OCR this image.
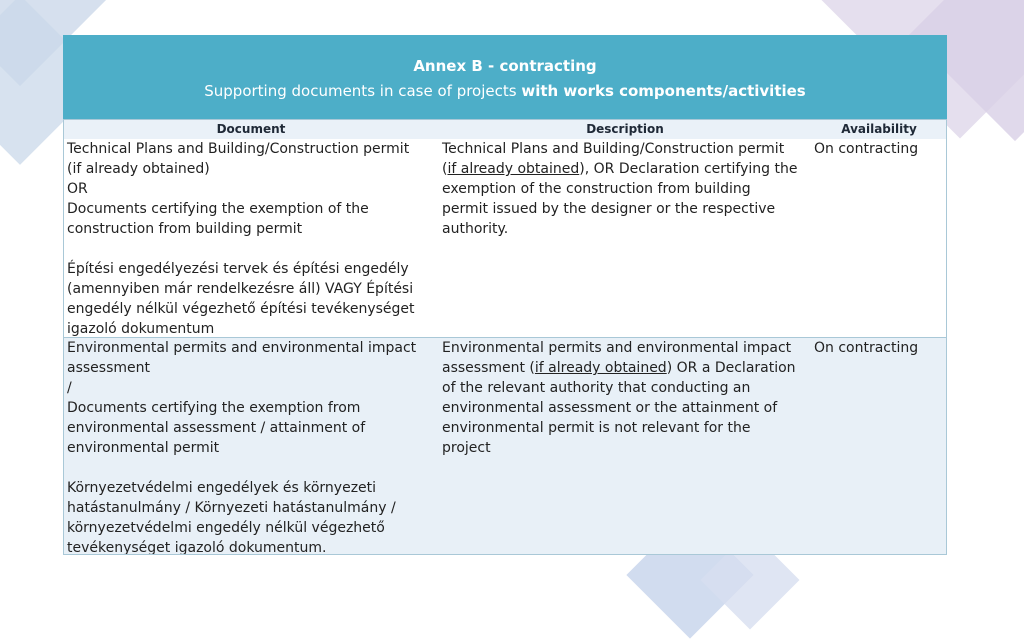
Annex B - contracting
Supporting documents in case of projects with works components/activities
Document	Description	Availability
Technical Plans and Building/Construction permit
(if already obtained)
OR
Documents certifying the exemption of the
construction from building permit
Építési engedélyezési tervek és építési engedély
(amennyiben már rendelkezésre áll) VAGY Építési
engedély nélkül végezhető építési tevékenységet
igazoló dokumentum
Technical Plans and Building/Construction permit
(if already obtained), OR Declaration certifying the
exemption of the construction from building
permit issued by the designer or the respective
authority.
On contracting
Environmental permits and environmental impact
assessment
/
Documents certifying the exemption from
environmental assessment / attainment of
environmental permit
Környezetvédelmi engedélyek és környezeti
hatástanulmány / Környezeti hatástanulmány /
környezetvédelmi engedély nélkül végezhető
tevékenységet igazoló dokumentum.
Environmental permits and environmental impact
assessment (if already obtained) OR a Declaration
of the relevant authority that conducting an
environmental assessment or the attainment of
environmental permit is not relevant for the
project
On contracting
